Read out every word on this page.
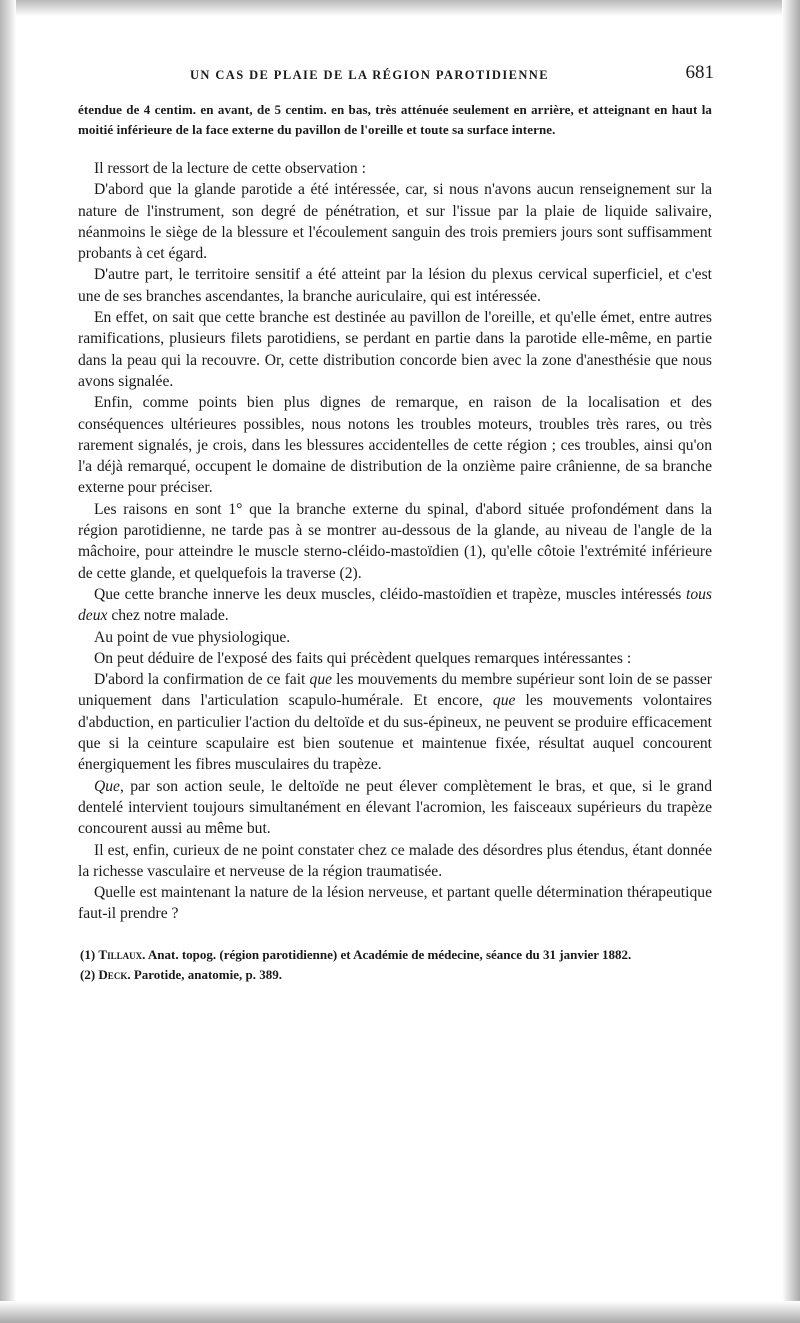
UN CAS DE PLAIE DE LA RÉGION PAROTIDIENNE	681

étendue de 4 centim. en avant, de 5 centim. en bas, très atténuée seulement en arrière, et atteignant en haut la moitié inférieure de la face externe du pavillon de l'oreille et toute sa surface interne.

Il ressort de la lecture de cette observation :

D'abord que la glande parotide a été intéressée, car, si nous n'avons aucun renseignement sur la nature de l'instrument, son degré de pénétration, et sur l'issue par la plaie de liquide salivaire, néanmoins le siège de la blessure et l'écoulement sanguin des trois premiers jours sont suffisamment probants à cet égard.

D'autre part, le territoire sensitif a été atteint par la lésion du plexus cervical superficiel, et c'est une de ses branches ascendantes, la branche auriculaire, qui est intéressée.

En effet, on sait que cette branche est destinée au pavillon de l'oreille, et qu'elle émet, entre autres ramifications, plusieurs filets parotidiens, se perdant en partie dans la parotide elle-même, en partie dans la peau qui la recouvre. Or, cette distribution concorde bien avec la zone d'anesthésie que nous avons signalée.

Enfin, comme points bien plus dignes de remarque, en raison de la localisation et des conséquences ultérieures possibles, nous notons les troubles moteurs, troubles très rares, ou très rarement signalés, je crois, dans les blessures accidentelles de cette région ; ces troubles, ainsi qu'on l'a déjà remarqué, occupent le domaine de distribution de la onzième paire crânienne, de sa branche externe pour préciser.

Les raisons en sont 1° que la branche externe du spinal, d'abord située profondément dans la région parotidienne, ne tarde pas à se montrer au-dessous de la glande, au niveau de l'angle de la mâchoire, pour atteindre le muscle sterno-cléido-mastoïdien (1), qu'elle côtoie l'extrémité inférieure de cette glande, et quelquefois la traverse (2).

Que cette branche innerve les deux muscles, cléido-mastoïdien et trapèze, muscles intéressés tous deux chez notre malade.

Au point de vue physiologique.

On peut déduire de l'exposé des faits qui précèdent quelques remarques intéressantes :

D'abord la confirmation de ce fait que les mouvements du membre supérieur sont loin de se passer uniquement dans l'articulation scapulo-humérale. Et encore, que les mouvements volontaires d'abduction, en particulier l'action du deltoïde et du sus-épineux, ne peuvent se produire efficacement que si la ceinture scapulaire est bien soutenue et maintenue fixée, résultat auquel concourent énergiquement les fibres musculaires du trapèze.

Que, par son action seule, le deltoïde ne peut élever complètement le bras, et que, si le grand dentelé intervient toujours simultanément en élevant l'acromion, les faisceaux supérieurs du trapèze concourent aussi au même but.

Il est, enfin, curieux de ne point constater chez ce malade des désordres plus étendus, étant donnée la richesse vasculaire et nerveuse de la région traumatisée.

Quelle est maintenant la nature de la lésion nerveuse, et partant quelle détermination thérapeutique faut-il prendre ?

(1) Tillaux. Anat. topog. (région parotidienne) et Académie de médecine, séance du 31 janvier 1882.

(2) Deck. Parotide, anatomie, p. 389.
